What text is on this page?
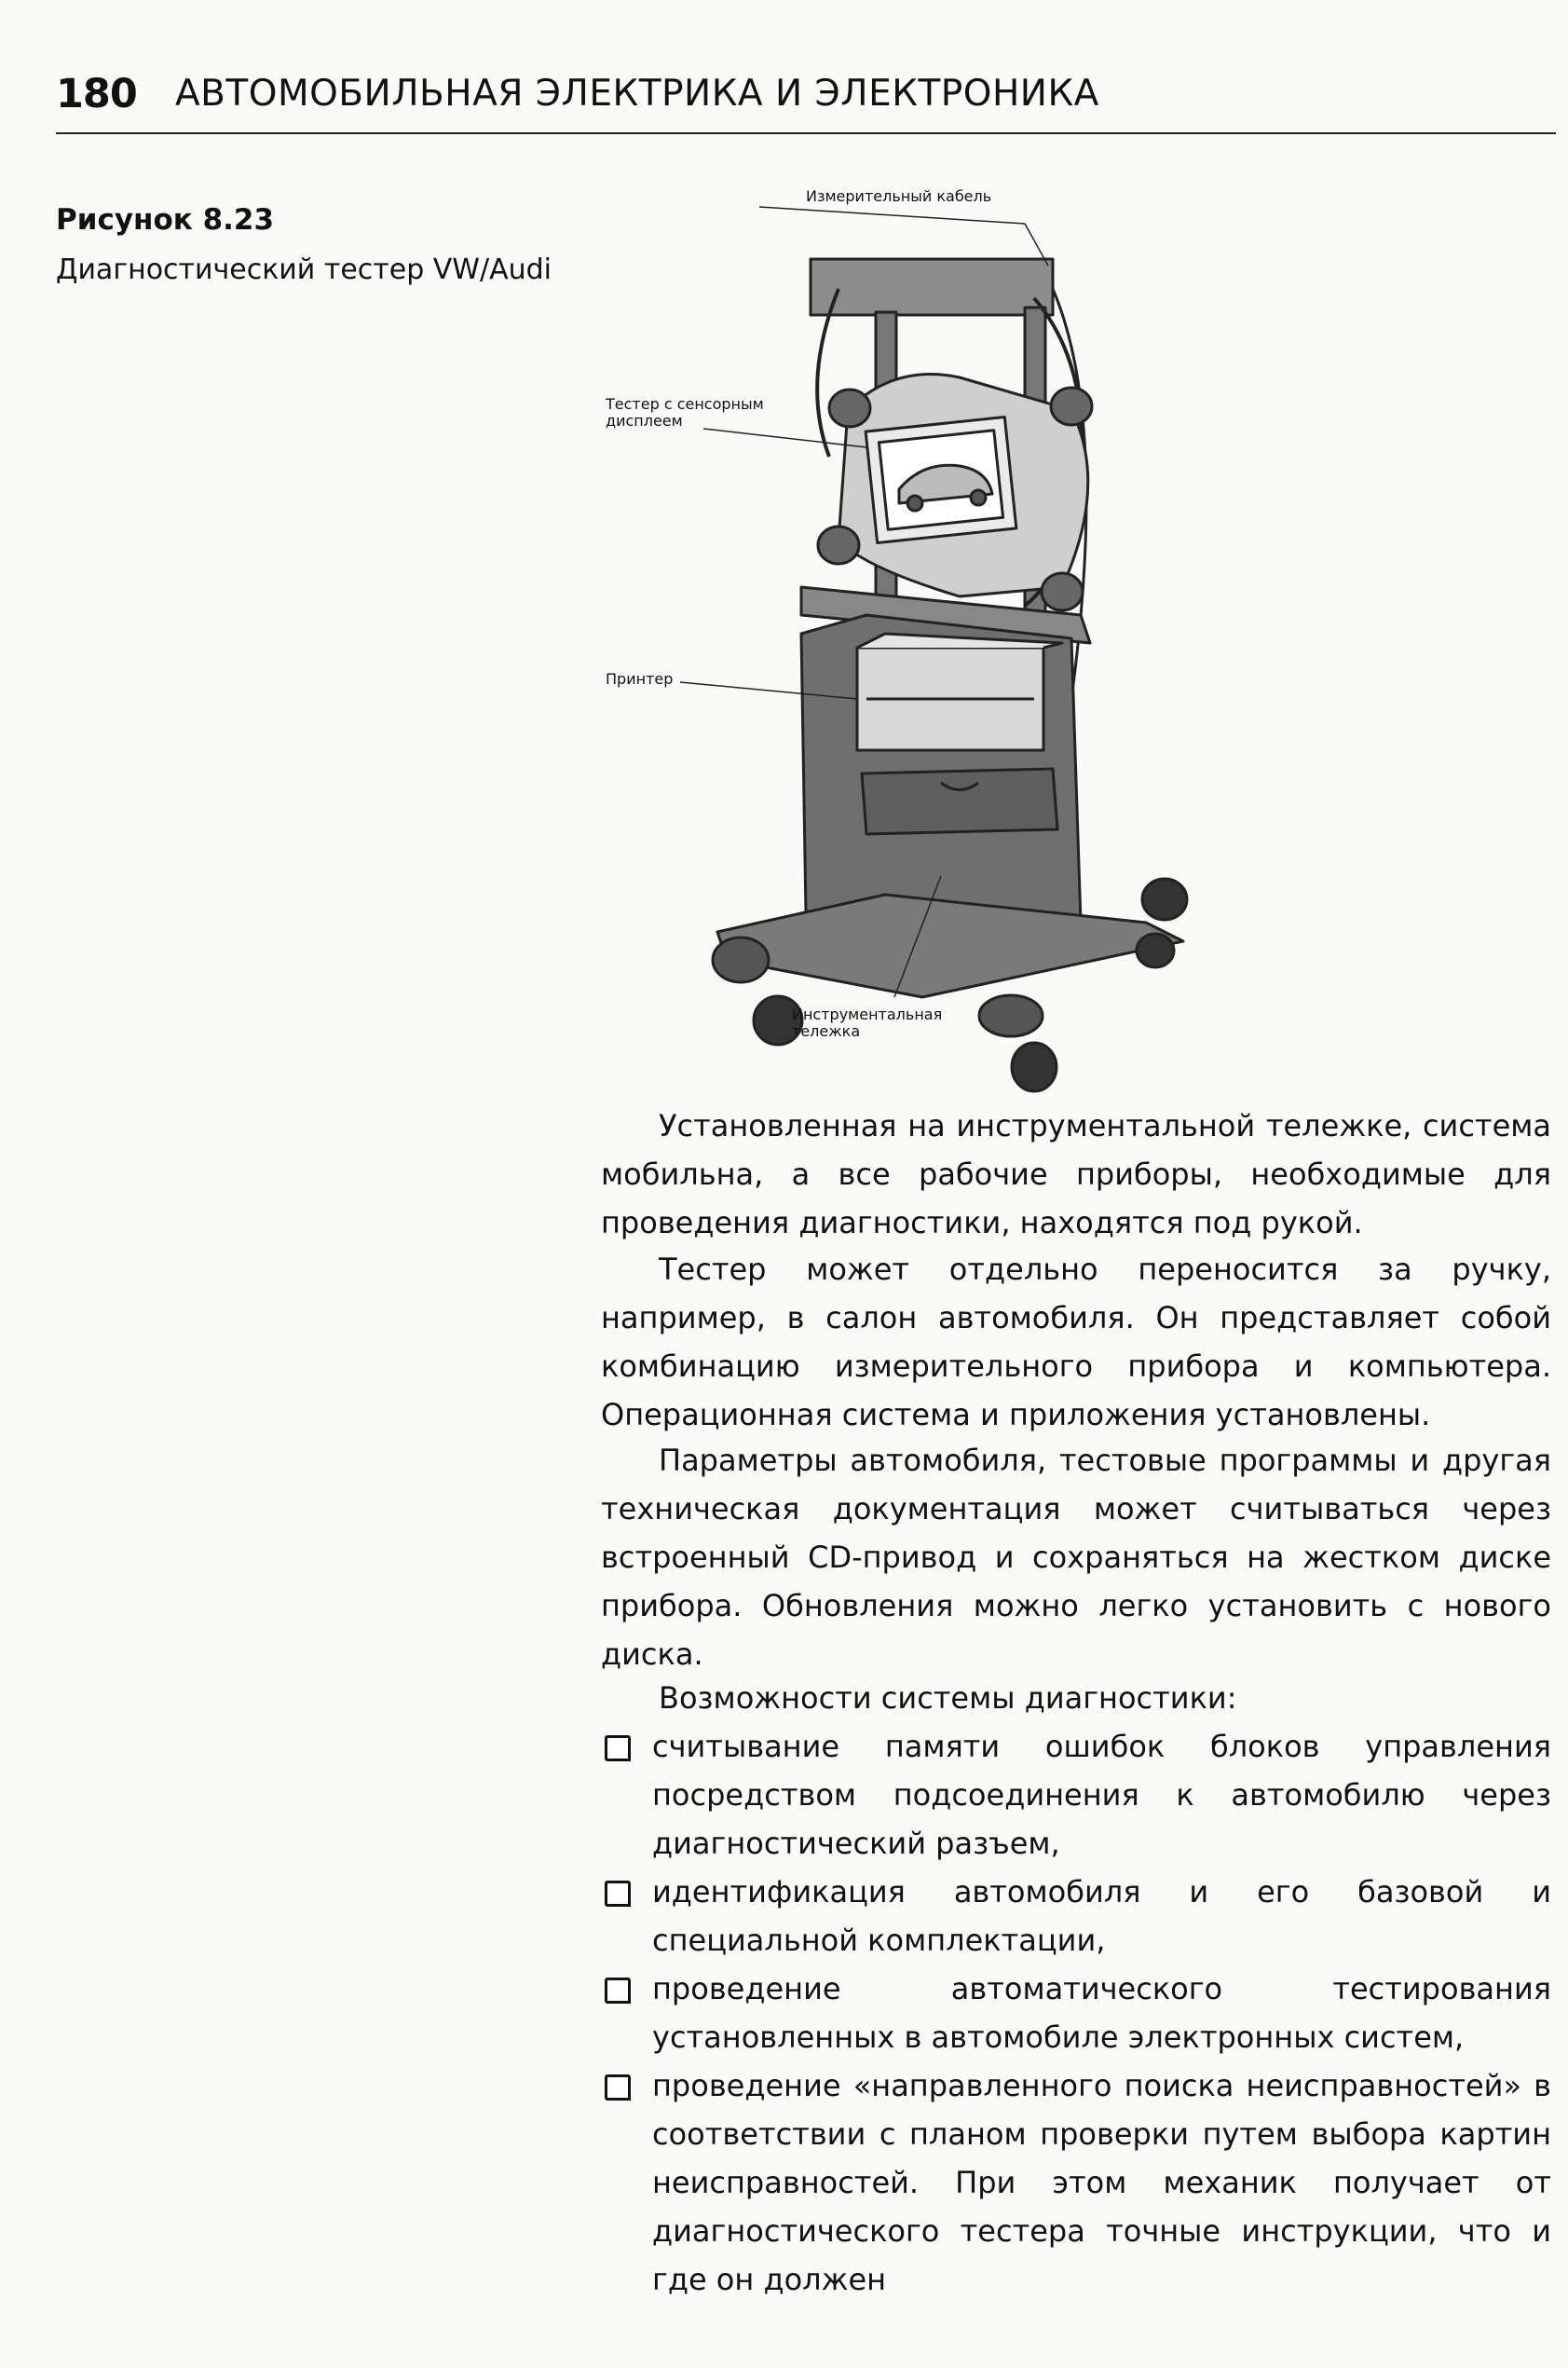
180 АВТОМОБИЛЬНАЯ ЭЛЕКТРИКА И ЭЛЕКТРОНИКА
Рисунок 8.23
Диагностический тестер VW/Audi
Измерительный кабель
Тестер с сенсорным
дисплеем
Принтер
Инструментальная
тележка

Установленная на инструментальной тележке, система мобильна, а все рабочие приборы, необходимые для проведения диагностики, находятся под рукой.

Тестер может отдельно переносится за ручку, например, в салон автомобиля. Он представляет собой комбинацию измерительного прибора и компьютера. Операционная система и приложения установлены.

Параметры автомобиля, тестовые программы и другая техническая документация может считываться через встроенный CD-привод и сохраняться на жестком диске прибора. Обновления можно легко установить с нового диска.

Возможности системы диагностики:
считывание памяти ошибок блоков управления посредством подсоединения к автомобилю через диагностический разъем,
идентификация автомобиля и его базовой и специальной комплектации,
проведение автоматического тестирования установленных в автомобиле электронных систем,
проведение «направленного поиска неисправностей» в соответствии с планом проверки путем выбора картин неисправностей. При этом механик получает от диагностического тестера точные инструкции, что и где он должен
